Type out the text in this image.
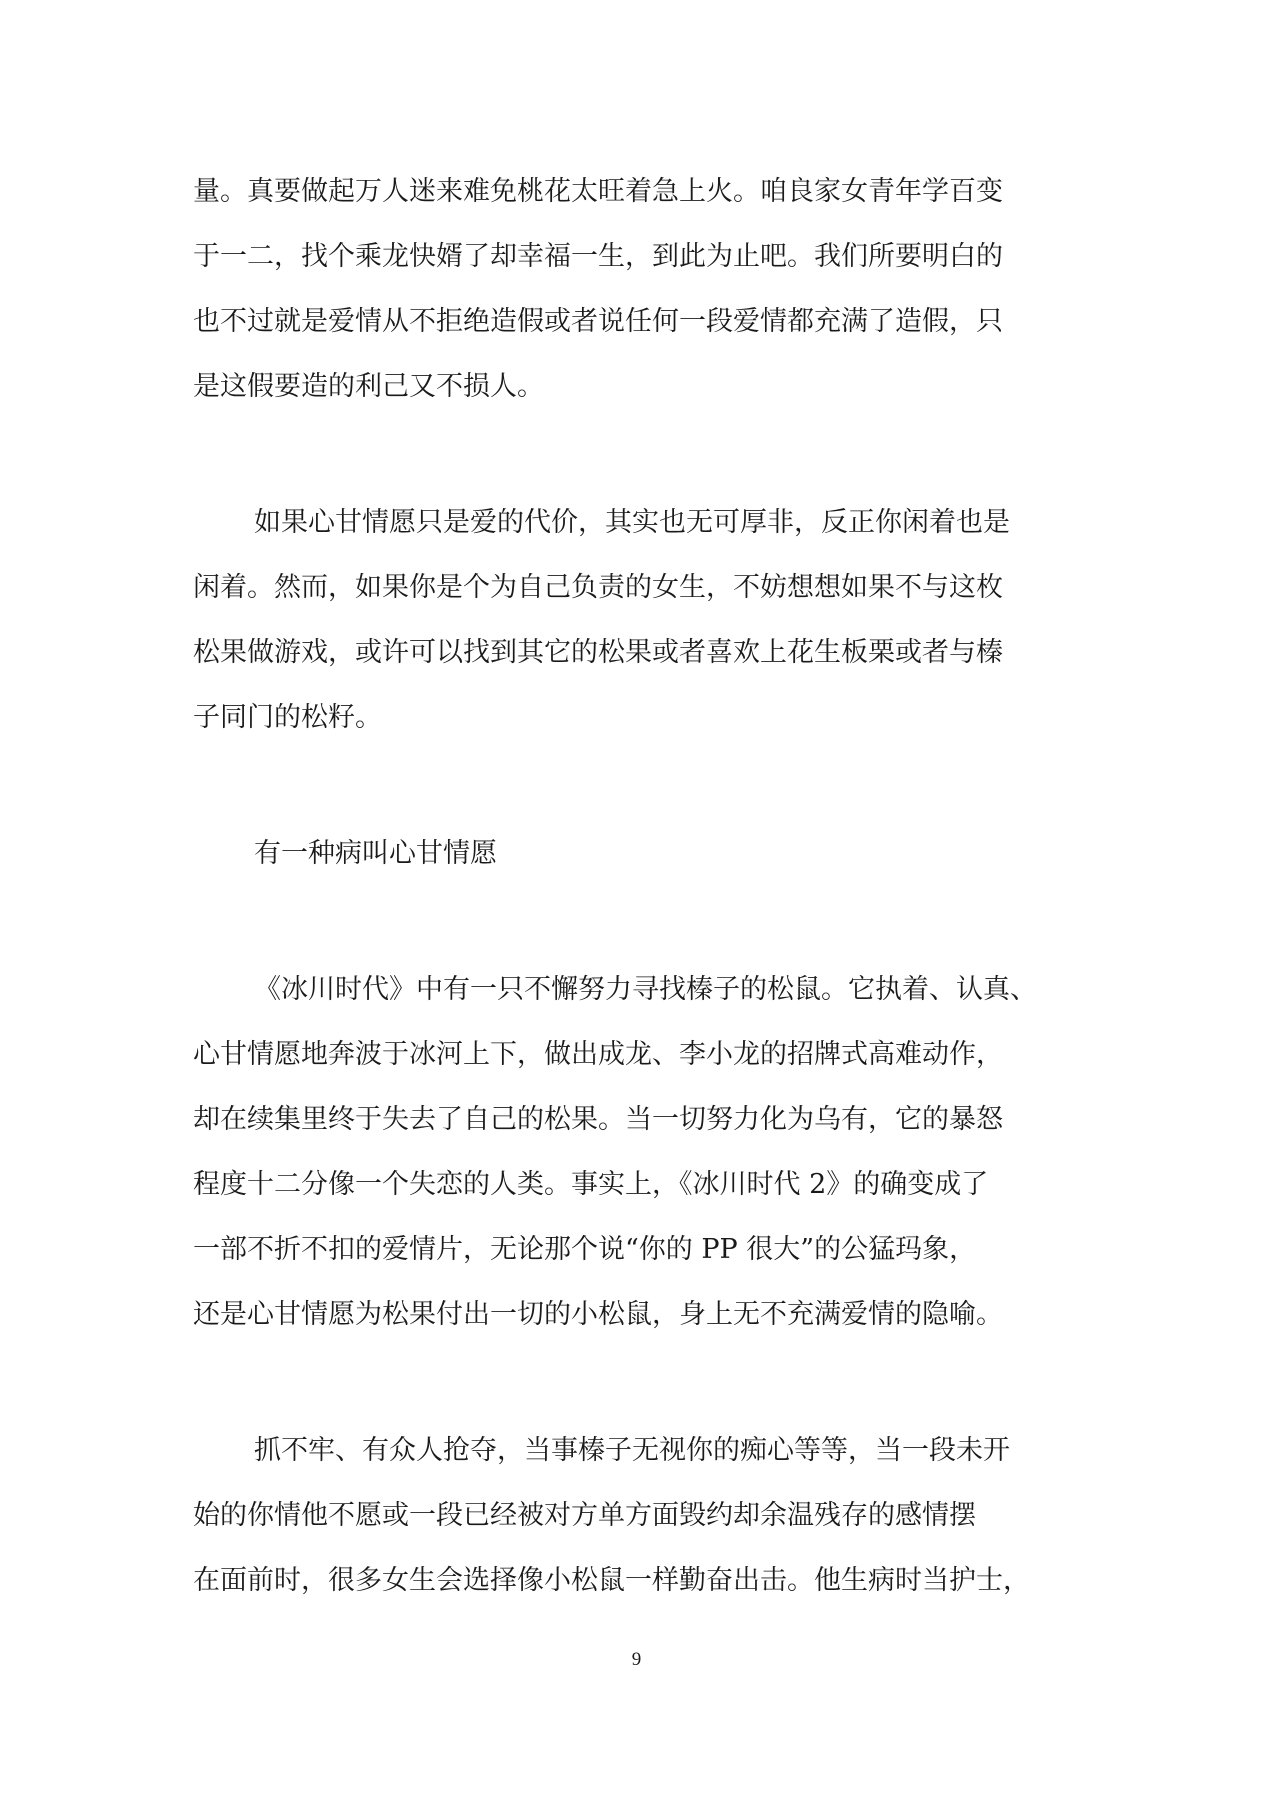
量。真要做起万人迷来难免桃花太旺着急上火。咱良家女青年学百变
于一二，找个乘龙快婿了却幸福一生，到此为止吧。我们所要明白的
也不过就是爱情从不拒绝造假或者说任何一段爱情都充满了造假，只
是这假要造的利己又不损人。
如果心甘情愿只是爱的代价，其实也无可厚非，反正你闲着也是
闲着。然而，如果你是个为自己负责的女生，不妨想想如果不与这枚
松果做游戏，或许可以找到其它的松果或者喜欢上花生板栗或者与榛
子同门的松籽。
有一种病叫心甘情愿
《冰川时代》中有一只不懈努力寻找榛子的松鼠。它执着、认真、
心甘情愿地奔波于冰河上下，做出成龙、李小龙的招牌式高难动作，
却在续集里终于失去了自己的松果。当一切努力化为乌有，它的暴怒
程度十二分像一个失恋的人类。事实上，《冰川时代 2》的确变成了
一部不折不扣的爱情片，无论那个说“你的 PP 很大”的公猛玛象，
还是心甘情愿为松果付出一切的小松鼠，身上无不充满爱情的隐喻。
抓不牢、有众人抢夺，当事榛子无视你的痴心等等，当一段未开
始的你情他不愿或一段已经被对方单方面毁约却余温残存的感情摆
在面前时，很多女生会选择像小松鼠一样勤奋出击。他生病时当护士，
9
